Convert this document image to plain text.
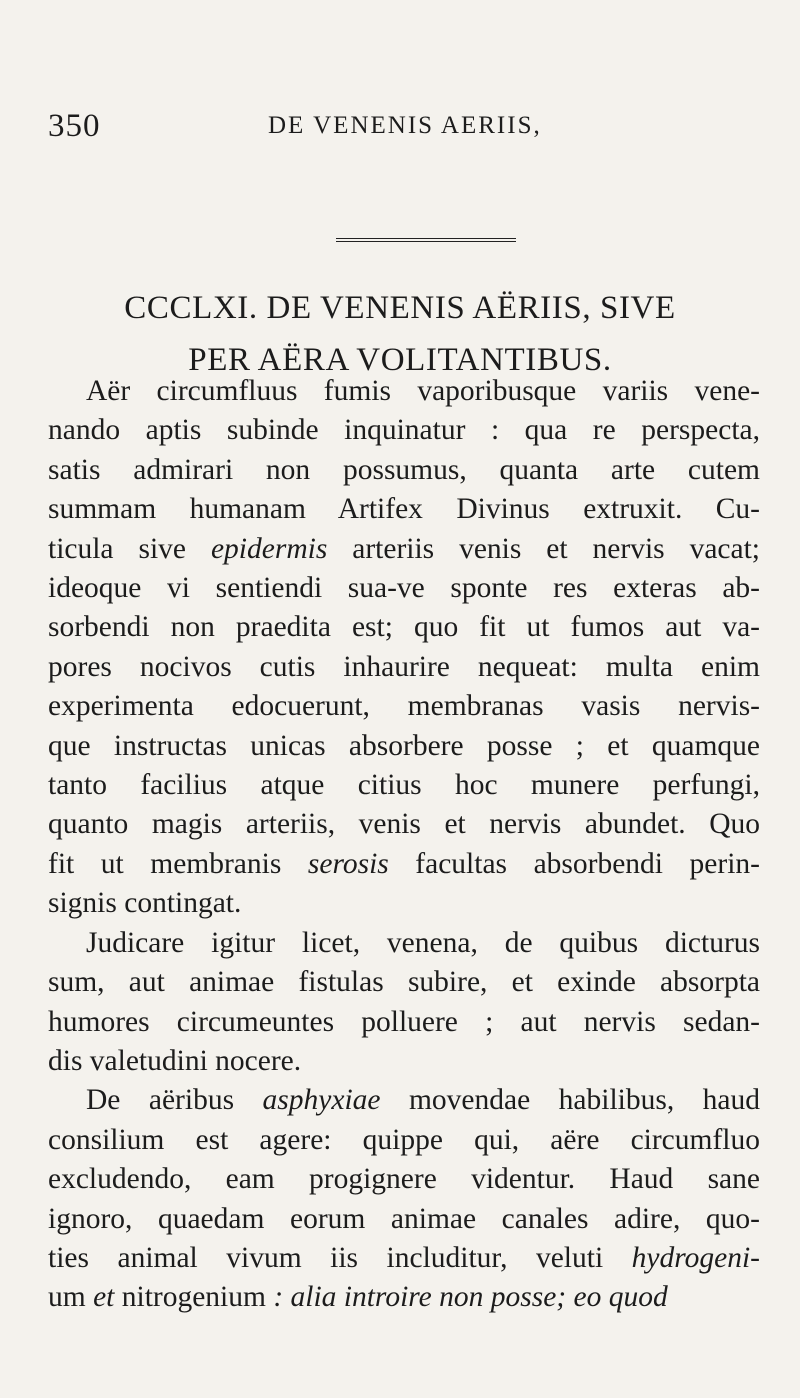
350	DE VENENIS AERIIS,
CCCLXI. DE VENENIS AËRIIS, SIVE
PER AËRA VOLITANTIBUS.
Aër circumfluus fumis vaporibusque variis vene-
nando aptis subinde inquinatur : qua re perspecta,
satis admirari non possumus, quanta arte cutem
summam humanam Artifex Divinus extruxit. Cu-
ticula sive epidermis arteriis venis et nervis vacat;
ideoque vi sentiendi sua-ve sponte res exteras ab-
sorbendi non praedita est; quo fit ut fumos aut va-
pores nocivos cutis inhaurire nequeat: multa enim
experimenta edocuerunt, membranas vasis nervis-
que instructas unicas absorbere posse ; et quamque
tanto facilius atque citius hoc munere perfungi,
quanto magis arteriis, venis et nervis abundet. Quo
fit ut membranis serosis facultas absorbendi perin-
signis contingat.
Judicare igitur licet, venena, de quibus dicturus
sum, aut animae fistulas subire, et exinde absorpta
humores circumeuntes polluere ; aut nervis sedan-
dis valetudini nocere.
De aëribus asphyxiae movendae habilibus, haud
consilium est agere: quippe qui, aëre circumfluo
excludendo, eam progignere videntur. Haud sane
ignoro, quaedam eorum animae canales adire, quo-
ties animal vivum iis includitur, veluti hydrogeni-
um et nitrogenium : alia introire non posse; eo quod
